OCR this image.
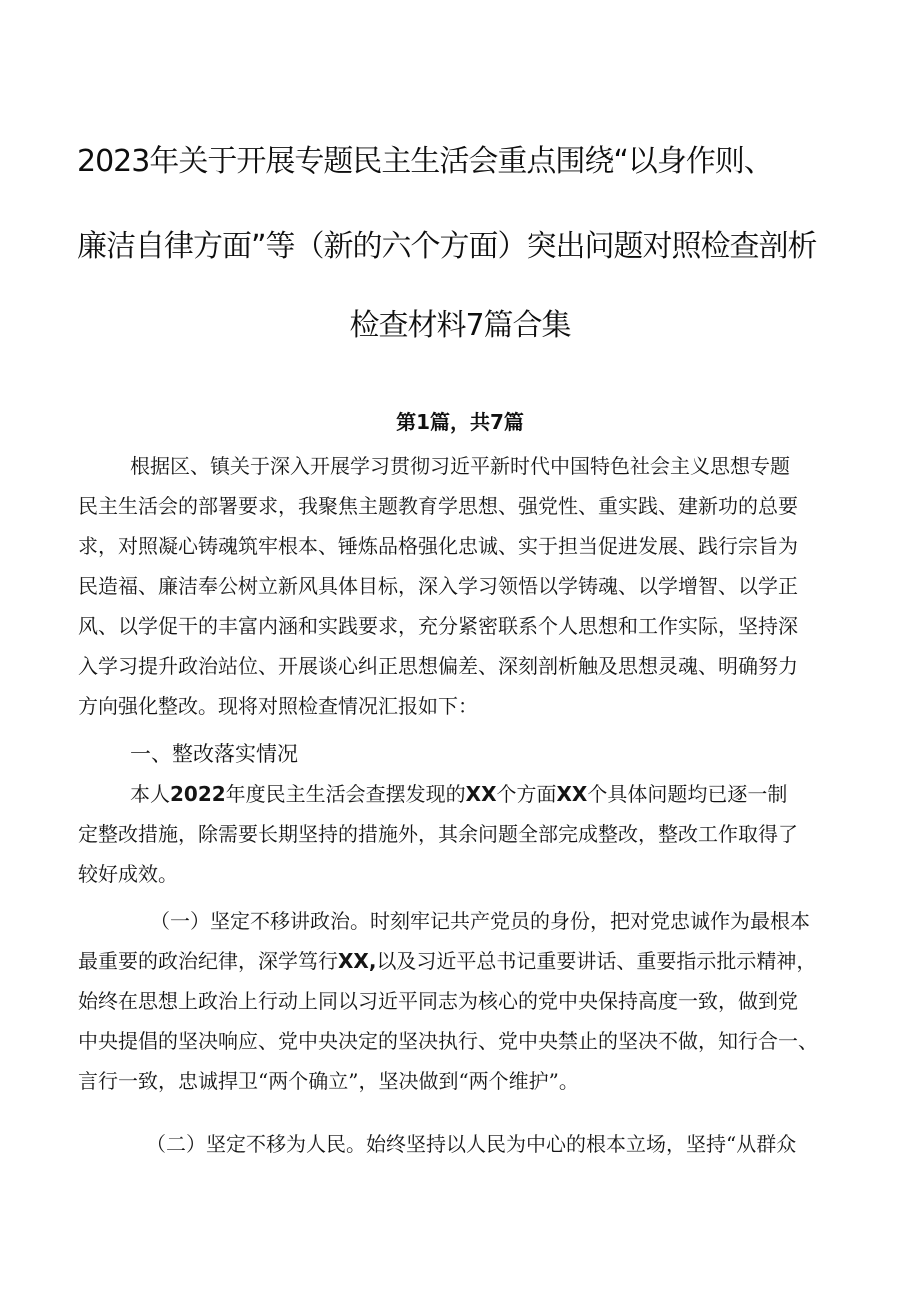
2023年关于开展专题民主生活会重点围绕“以身作则、
廉洁自律方面”等（新的六个方面）突出问题对照检查剖析
检查材料7篇合集
第1篇，共7篇
根据区、镇关于深入开展学习贯彻习近平新时代中国特色社会主义思想专题
民主生活会的部署要求，我聚焦主题教育学思想、强党性、重实践、建新功的总要
求，对照凝心铸魂筑牢根本、锤炼品格强化忠诚、实于担当促进发展、践行宗旨为
民造福、廉洁奉公树立新风具体目标，深入学习领悟以学铸魂、以学增智、以学正
风、以学促干的丰富内涵和实践要求，充分紧密联系个人思想和工作实际，坚持深
入学习提升政治站位、开展谈心纠正思想偏差、深刻剖析触及思想灵魂、明确努力
方向强化整改。现将对照检查情况汇报如下：
一、整改落实情况
本人2022年度民主生活会查摆发现的XX个方面XX个具体问题均已逐一制
定整改措施，除需要长期坚持的措施外，其余问题全部完成整改，整改工作取得了
较好成效。
（一）坚定不移讲政治。时刻牢记共产党员的身份，把对党忠诚作为最根本
最重要的政治纪律，深学笃行XX,以及习近平总书记重要讲话、重要指示批示精神，
始终在思想上政治上行动上同以习近平同志为核心的党中央保持高度一致，做到党
中央提倡的坚决响应、党中央决定的坚决执行、党中央禁止的坚决不做，知行合一、
言行一致，忠诚捍卫“两个确立”，坚决做到“两个维护”。
（二）坚定不移为人民。始终坚持以人民为中心的根本立场，坚持“从群众
